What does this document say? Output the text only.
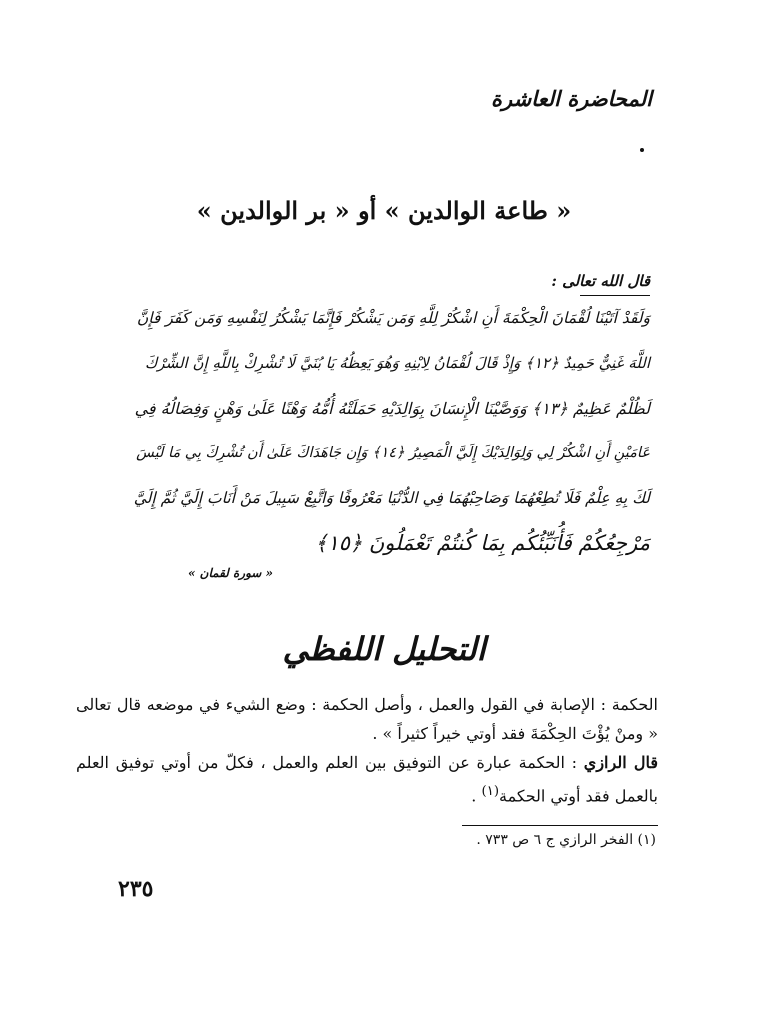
المحاضرة العاشرة
« طاعة الوالدين » أو « بر الوالدين »
قال الله تعالى :
وَلَقَدْ آتَيْنَا لُقْمَانَ الْحِكْمَةَ أَنِ اشْكُرْ لِلَّهِ وَمَن يَشْكُرْ فَإِنَّمَا يَشْكُرُ لِنَفْسِهِ وَمَن كَفَرَ فَإِنَّ
اللَّهَ غَنِيٌّ حَمِيدٌ ﴿١٢﴾ وَإِذْ قَالَ لُقْمَانُ لِابْنِهِ وَهُوَ يَعِظُهُ يَا بُنَيَّ لَا تُشْرِكْ بِاللَّهِ إِنَّ الشِّرْكَ
لَظُلْمٌ عَظِيمٌ ﴿١٣﴾ وَوَصَّيْنَا الْإِنسَانَ بِوَالِدَيْهِ حَمَلَتْهُ أُمُّهُ وَهْنًا عَلَىٰ وَهْنٍ وَفِصَالُهُ فِي
عَامَيْنِ أَنِ اشْكُرْ لِي وَلِوَالِدَيْكَ إِلَيَّ الْمَصِيرُ ﴿١٤﴾ وَإِن جَاهَدَاكَ عَلَىٰ أَن تُشْرِكَ بِي مَا لَيْسَ
لَكَ بِهِ عِلْمٌ فَلَا تُطِعْهُمَا وَصَاحِبْهُمَا فِي الدُّنْيَا مَعْرُوفًا وَاتَّبِعْ سَبِيلَ مَنْ أَنَابَ إِلَيَّ ثُمَّ إِلَيَّ
مَرْجِعُكُمْ فَأُنَبِّئُكُم بِمَا كُنتُمْ تَعْمَلُونَ ﴿١٥﴾
« سورة لقمان »
التحليل اللفظي

الحكمة : الإصابة في القول والعمل ، وأصل الحكمة : وضع الشيء في موضعه قال تعالى « ومنْ يُؤْتَ الحِكْمَةَ فقد أوتي خيراً كثيراً » .

قال الرازي : الحكمة عبارة عن التوفيق بين العلم والعمل ، فكلّ من أوتي توفيق العلم بالعمل فقد أوتي الحكمة$^{(١)}$ .

(١) الفخر الرازي ج ٦ ص ٧٣٣ .
٢٣٥
